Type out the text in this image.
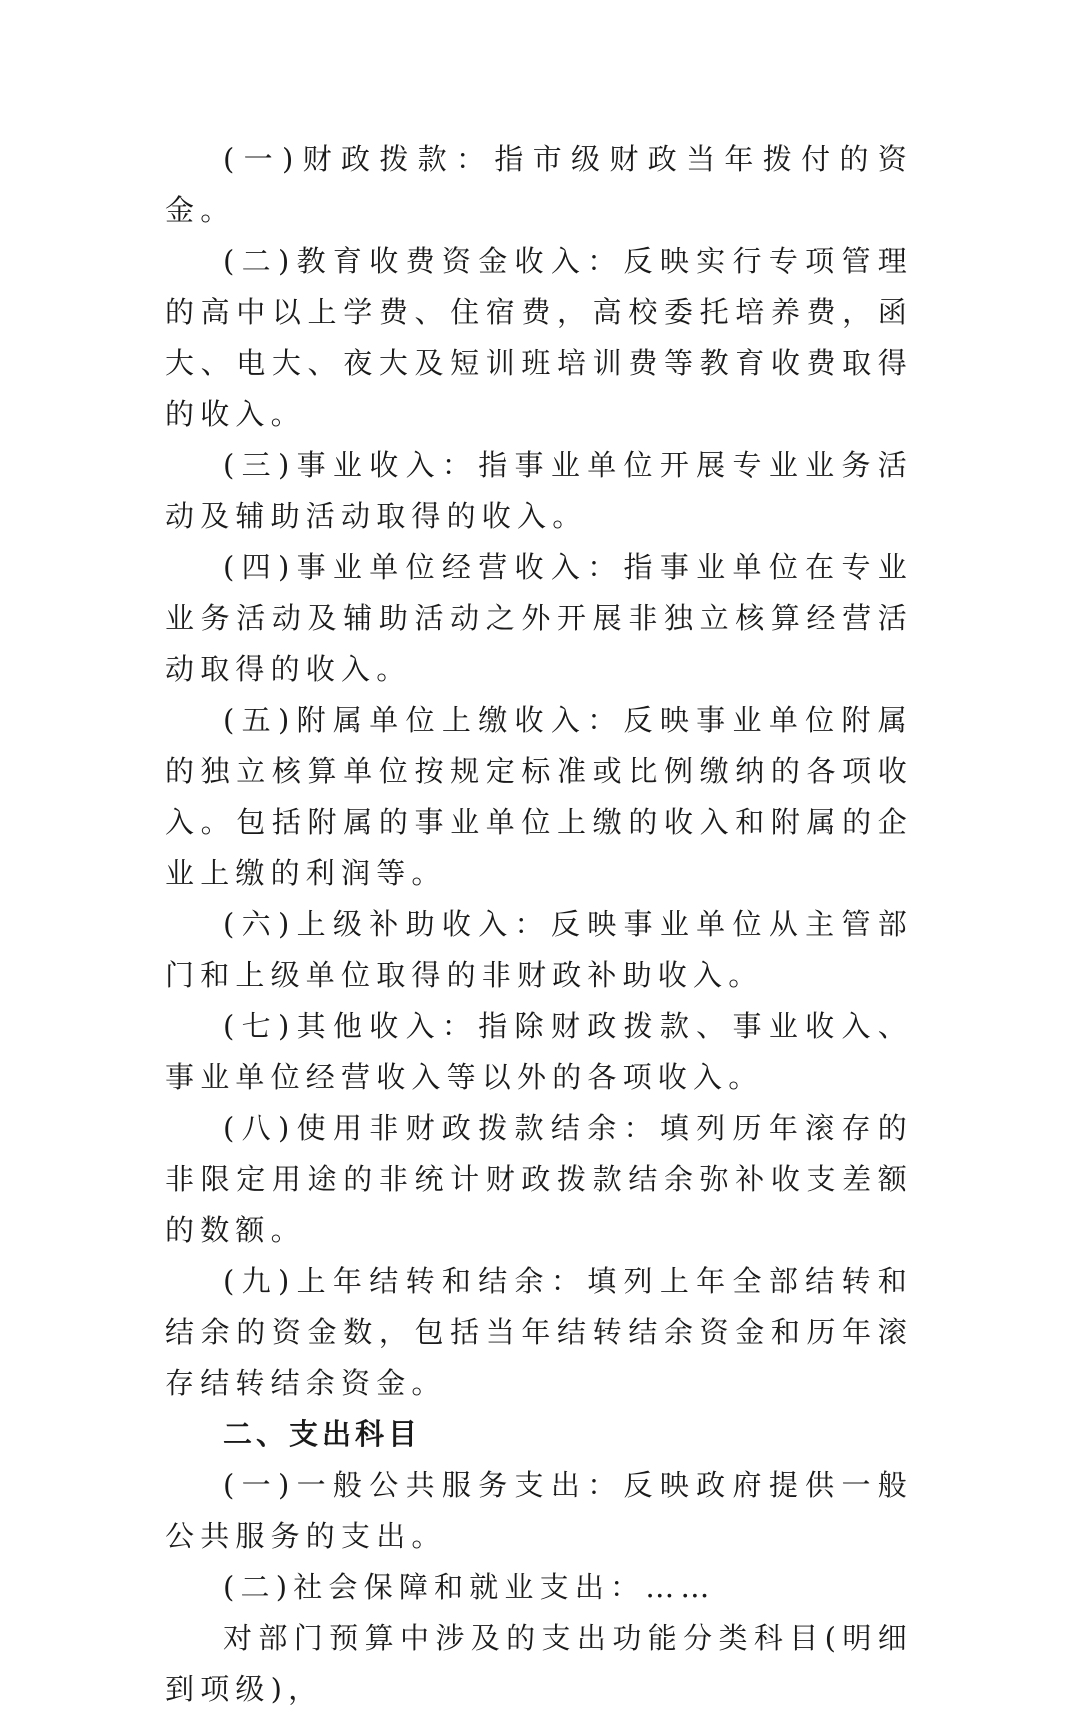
(一)财政拨款：指市级财政当年拨付的资金。

(二)教育收费资金收入：反映实行专项管理的高中以上学费、住宿费，高校委托培养费，函大、电大、夜大及短训班培训费等教育收费取得的收入。

(三)事业收入：指事业单位开展专业业务活动及辅助活动取得的收入。

(四)事业单位经营收入：指事业单位在专业业务活动及辅助活动之外开展非独立核算经营活动取得的收入。

(五)附属单位上缴收入：反映事业单位附属的独立核算单位按规定标准或比例缴纳的各项收入。包括附属的事业单位上缴的收入和附属的企业上缴的利润等。

(六)上级补助收入：反映事业单位从主管部门和上级单位取得的非财政补助收入。

(七)其他收入：指除财政拨款、事业收入、事业单位经营收入等以外的各项收入。

(八)使用非财政拨款结余：填列历年滚存的非限定用途的非统计财政拨款结余弥补收支差额的数额。

(九)上年结转和结余：填列上年全部结转和结余的资金数，包括当年结转结余资金和历年滚存结转结余资金。

二、支出科目

(一)一般公共服务支出：反映政府提供一般公共服务的支出。

(二)社会保障和就业支出：……

对部门预算中涉及的支出功能分类科目(明细到项级)，
